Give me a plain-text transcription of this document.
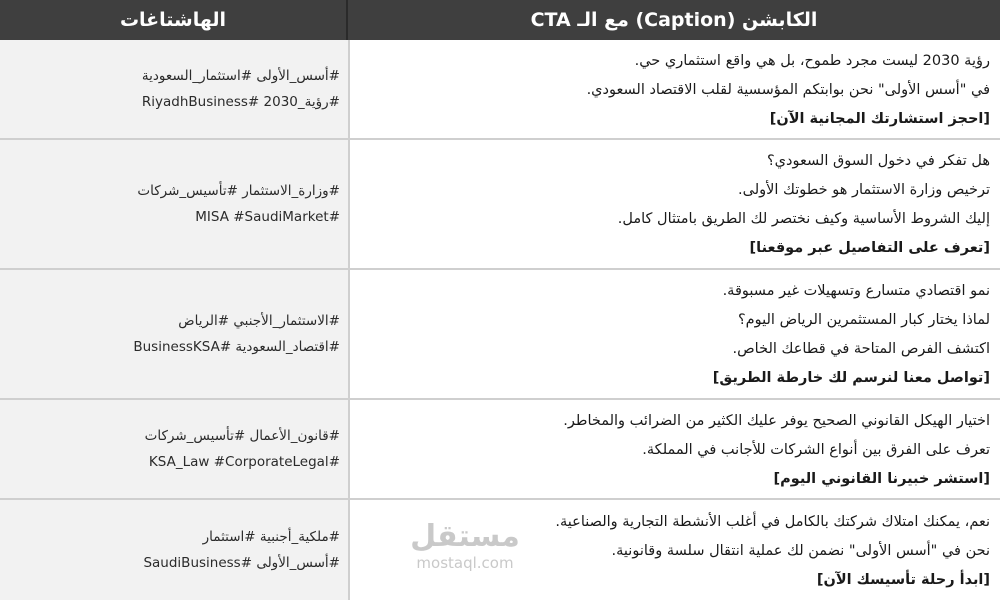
الكابشن (Caption) مع الـ CTA
الهاشتاغات
رؤية 2030 ليست مجرد طموح، بل هي واقع استثماري حي.
في "أسس الأولى" نحن بوابتكم المؤسسية لقلب الاقتصاد السعودي.
[احجز استشارتك المجانية الآن]
#أسس_الأولى #استثمار_السعودية
#رؤية_2030 #RiyadhBusiness
هل تفكر في دخول السوق السعودي؟
ترخيص وزارة الاستثمار هو خطوتك الأولى.
إليك الشروط الأساسية وكيف نختصر لك الطريق بامتثال كامل.
[تعرف على التفاصيل عبر موقعنا]
#وزارة_الاستثمار #تأسيس_شركات
#MISA #SaudiMarket
نمو اقتصادي متسارع وتسهيلات غير مسبوقة.
لماذا يختار كبار المستثمرين الرياض اليوم؟
اكتشف الفرص المتاحة في قطاعك الخاص.
[تواصل معنا لنرسم لك خارطة الطريق]
#الاستثمار_الأجنبي #الرياض
#اقتصاد_السعودية #BusinessKSA
اختيار الهيكل القانوني الصحيح يوفر عليك الكثير من الضرائب والمخاطر.
تعرف على الفرق بين أنواع الشركات للأجانب في المملكة.
[استشر خبيرنا القانوني اليوم]
#قانون_الأعمال #تأسيس_شركات
#KSA_Law #CorporateLegal
نعم، يمكنك امتلاك شركتك بالكامل في أغلب الأنشطة التجارية والصناعية.
نحن في "أسس الأولى" نضمن لك عملية انتقال سلسة وقانونية.
[ابدأ رحلة تأسيسك الآن]
#ملكية_أجنبية #استثمار
#أسس_الأولى #SaudiBusiness
مستقل
mostaql.com
